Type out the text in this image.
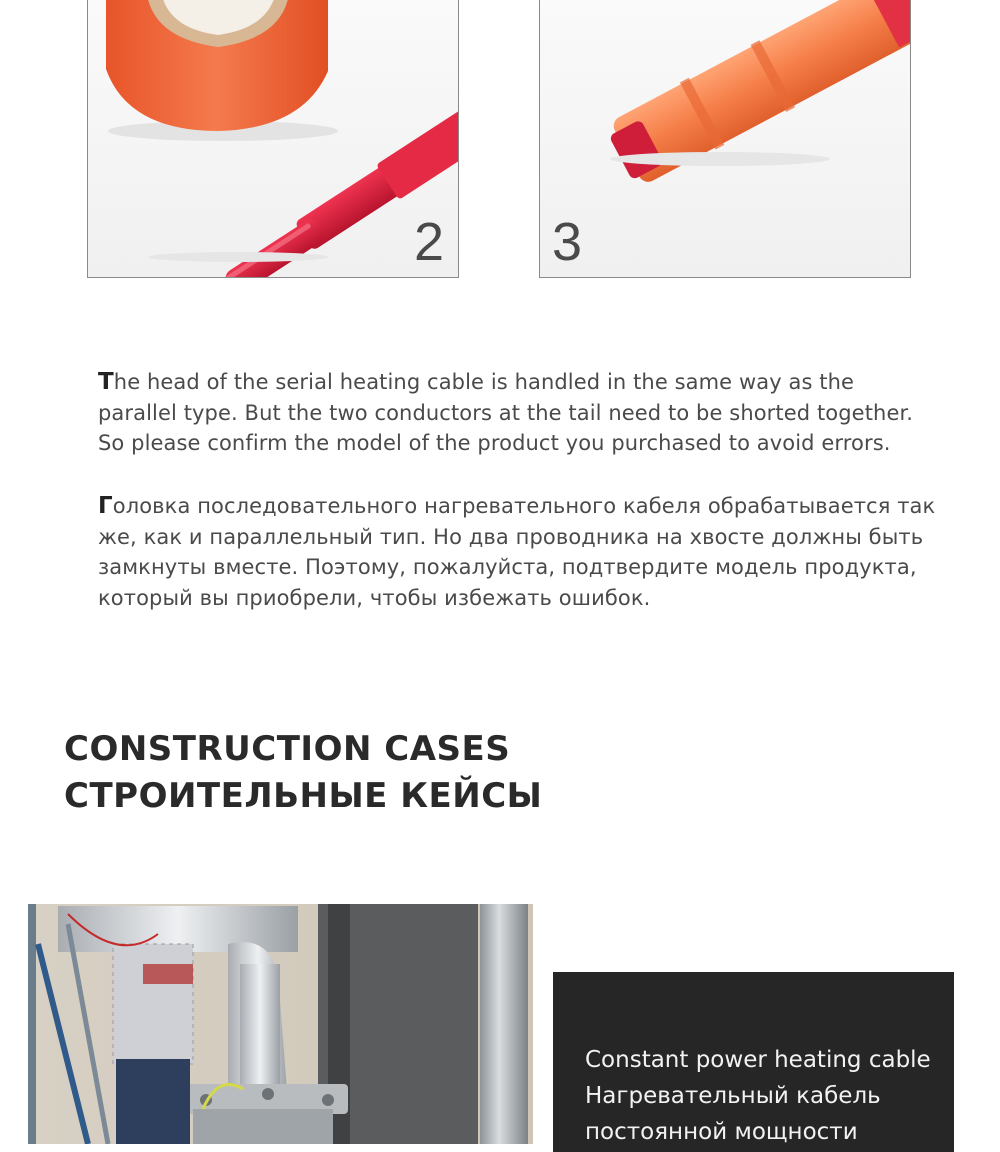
2 3

The head of the serial heating cable is handled in the same way as the parallel type. But the two conductors at the tail need to be shorted together. So please confirm the model of the product you purchased to avoid errors.

Головка последовательного нагревательного кабеля обрабатывается так же, как и параллельный тип. Но два проводника на хвосте должны быть замкнуты вместе. Поэтому, пожалуйста, подтвердите модель продукта, который вы приобрели, чтобы избежать ошибок.

CONSTRUCTION CASES
СТРОИТЕЛЬНЫЕ КЕЙСЫ
Constant power heating cable
Нагревательный кабель
постоянной мощности
